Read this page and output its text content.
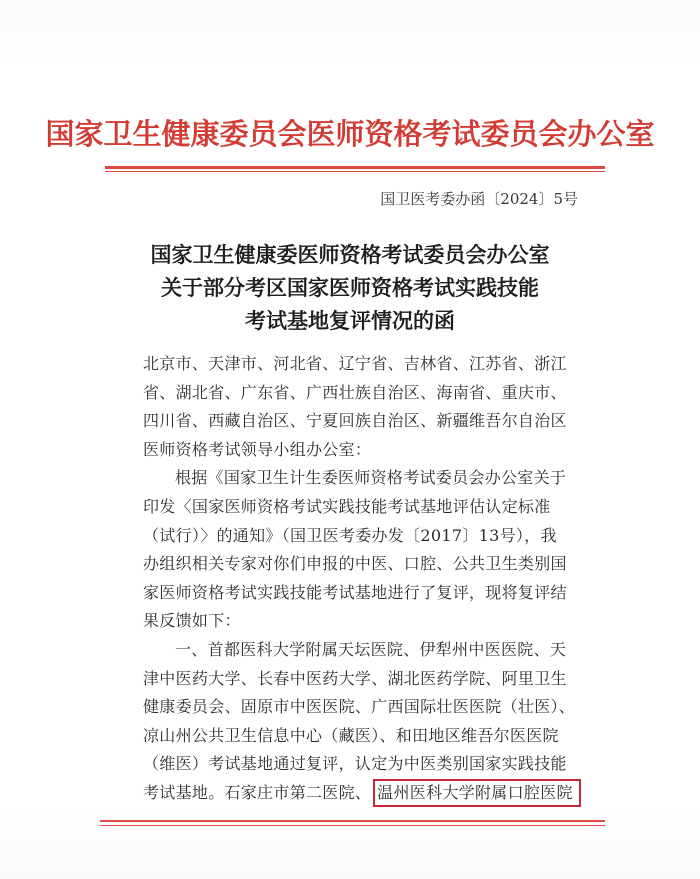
国家卫生健康委员会医师资格考试委员会办公室
国卫医考委办函〔2024〕5号
国家卫生健康委医师资格考试委员会办公室
关于部分考区国家医师资格考试实践技能
考试基地复评情况的函
北京市、天津市、河北省、辽宁省、吉林省、江苏省、浙江
省、湖北省、广东省、广西壮族自治区、海南省、重庆市、
四川省、西藏自治区、宁夏回族自治区、新疆维吾尔自治区
医师资格考试领导小组办公室：
根据《国家卫生计生委医师资格考试委员会办公室关于
印发〈国家医师资格考试实践技能考试基地评估认定标准
（试行）〉的通知》（国卫医考委办发〔2017〕13号），我
办组织相关专家对你们申报的中医、口腔、公共卫生类别国
家医师资格考试实践技能考试基地进行了复评，现将复评结
果反馈如下：
一、首都医科大学附属天坛医院、伊犁州中医医院、天
津中医药大学、长春中医药大学、湖北医药学院、阿里卫生
健康委员会、固原市中医医院、广西国际壮医医院（壮医）、
凉山州公共卫生信息中心（藏医）、和田地区维吾尔医医院
（维医）考试基地通过复评，认定为中医类别国家实践技能
考试基地。石家庄市第二医院、 温州医科大学附属口腔医院
